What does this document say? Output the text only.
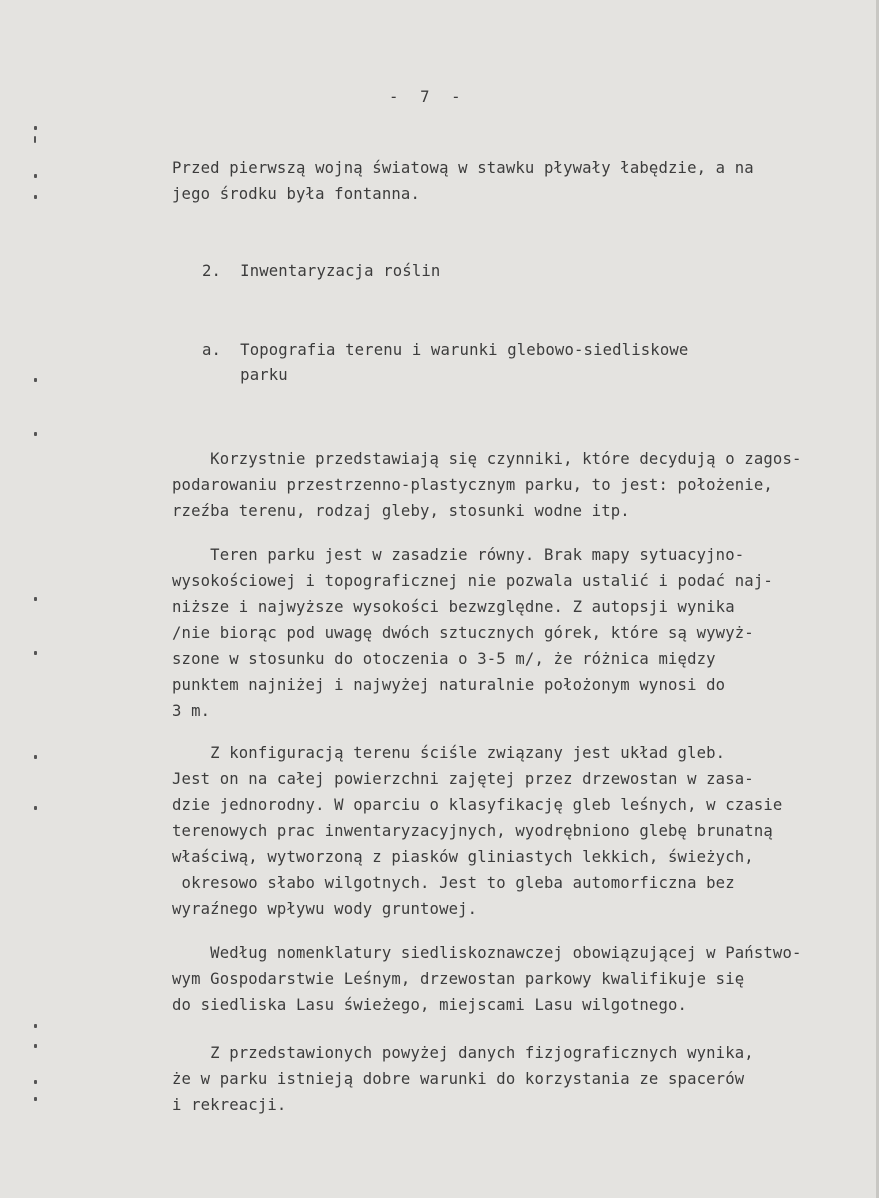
- 7 -
Przed pierwszą wojną światową w stawku pływały łabędzie, a na
jego środku była fontanna.
2.  Inwentaryzacja roślin
a.  Topografia terenu i warunki glebowo-siedliskowe
parku
Korzystnie przedstawiają się czynniki, które decydują o zagos-
podarowaniu przestrzenno-plastycznym parku, to jest: położenie,
rzeźba terenu, rodzaj gleby, stosunki wodne itp.
Teren parku jest w zasadzie równy. Brak mapy sytuacyjno-
wysokościowej i topograficznej nie pozwala ustalić i podać naj-
niższe i najwyższe wysokości bezwzględne. Z autopsji wynika
/nie biorąc pod uwagę dwóch sztucznych górek, które są wywyż-
szone w stosunku do otoczenia o 3-5 m/, że różnica między
punktem najniżej i najwyżej naturalnie położonym wynosi do
3 m.
Z konfiguracją terenu ściśle związany jest układ gleb.
Jest on na całej powierzchni zajętej przez drzewostan w zasa-
dzie jednorodny. W oparciu o klasyfikację gleb leśnych, w czasie
terenowych prac inwentaryzacyjnych, wyodrębniono glebę brunatną
właściwą, wytworzoną z piasków gliniastych lekkich, świeżych,
okresowo słabo wilgotnych. Jest to gleba automorficzna bez
wyraźnego wpływu wody gruntowej.
Według nomenklatury siedliskoznawczej obowiązującej w Państwo-
wym Gospodarstwie Leśnym, drzewostan parkowy kwalifikuje się
do siedliska Lasu świeżego, miejscami Lasu wilgotnego.
Z przedstawionych powyżej danych fizjograficznych wynika,
że w parku istnieją dobre warunki do korzystania ze spacerów
i rekreacji.
